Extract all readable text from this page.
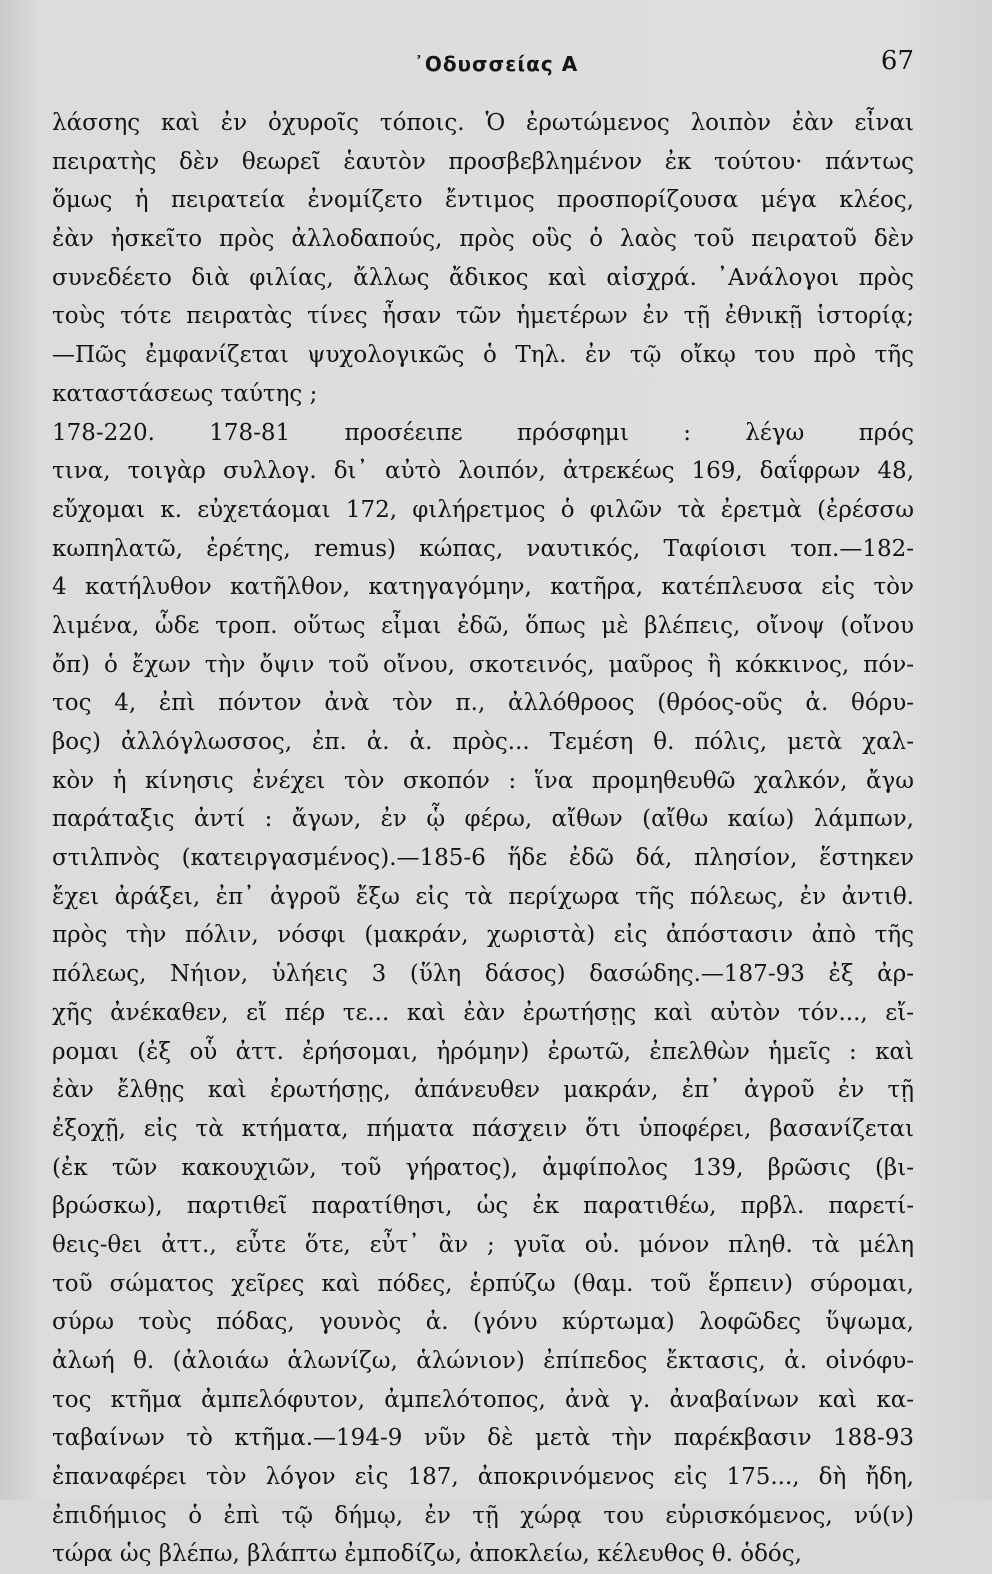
᾿Οδυσσείας Α	67
λάσσης καὶ ἐν ὀχυροῖς τόποις. Ὁ ἐρωτώμενος λοιπὸν ἐὰν εἶναι
πειρατὴς δὲν θεωρεῖ ἑαυτὸν προσβεβλημένον ἐκ τούτου· πάντως
ὅμως ἡ πειρατεία ἐνομίζετο ἔντιμος προσπορίζουσα μέγα κλέος,
ἐὰν ἠσκεῖτο πρὸς ἀλλοδαπούς, πρὸς οὓς ὁ λαὸς τοῦ πειρατοῦ δὲν
συνεδέετο διὰ φιλίας, ἄλλως ἄδικος καὶ αἰσχρά. ᾿Ανάλογοι πρὸς
τοὺς τότε πειρατὰς τίνες ἦσαν τῶν ἡμετέρων ἐν τῇ ἐθνικῇ ἱστορίᾳ;
—Πῶς ἐμφανίζεται ψυχολογικῶς ὁ Τηλ. ἐν τῷ οἴκῳ του πρὸ τῆς
καταστάσεως ταύτης ;
178-220. 178-81 προσέειπε πρόσφημι : λέγω πρός
τινα, τοιγὰρ συλλογ. δι᾿ αὐτὸ λοιπόν, ἀτρεκέως 169, δαΐφρων 48,
εὔχομαι κ. εὐχετάομαι 172, φιλήρετμος ὁ φιλῶν τὰ ἐρετμὰ (ἐρέσσω
κωπηλατῶ, ἐρέτης, remus) κώπας, ναυτικός, Ταφίοισι τοπ.—182-
4 κατήλυθον κατῆλθον, κατηγαγόμην, κατῆρα, κατέπλευσα εἰς τὸν
λιμένα, ὧδε τροπ. οὕτως εἶμαι ἐδῶ, ὅπως μὲ βλέπεις, οἴνοψ (οἴνου
ὄπ) ὁ ἔχων τὴν ὄψιν τοῦ οἴνου, σκοτεινός, μαῦρος ἢ κόκκινος, πόν-
τος 4, ἐπὶ πόντον ἀνὰ τὸν π., ἀλλόθροος (θρόος-οῦς ἀ. θόρυ-
βος) ἀλλόγλωσσος, ἐπ. ἀ. ἀ. πρὸς... Τεμέση θ. πόλις, μετὰ χαλ-
κὸν ἡ κίνησις ἐνέχει τὸν σκοπόν : ἵνα προμηθευθῶ χαλκόν, ἄγω
παράταξις ἀντί : ἄγων, ἐν ᾧ φέρω, αἴθων (αἴθω καίω) λάμπων,
στιλπνὸς (κατειργασμένος).—185-6 ἥδε ἐδῶ δά, πλησίον, ἕστηκεν
ἔχει ἀράξει, ἐπ᾿ ἀγροῦ ἔξω εἰς τὰ περίχωρα τῆς πόλεως, ἐν ἀντιθ.
πρὸς τὴν πόλιν, νόσφι (μακράν, χωριστὰ) εἰς ἀπόστασιν ἀπὸ τῆς
πόλεως, Νήιον, ὑλήεις 3 (ὕλη δάσος) δασώδης.—187-93 ἐξ ἀρ-
χῆς ἀνέκαθεν, εἴ πέρ τε... καὶ ἐὰν ἐρωτήσῃς καὶ αὐτὸν τόν..., εἴ-
ρομαι (ἐξ οὗ ἀττ. ἐρήσομαι, ἠρόμην) ἐρωτῶ, ἐπελθὼν ἡμεῖς : καὶ
ἐὰν ἔλθῃς καὶ ἐρωτήσῃς, ἀπάνευθεν μακράν, ἐπ᾿ ἀγροῦ ἐν τῇ
ἐξοχῇ, εἰς τὰ κτήματα, πήματα πάσχειν ὅτι ὑποφέρει, βασανίζεται
(ἐκ τῶν κακουχιῶν, τοῦ γήρατος), ἀμφίπολος 139, βρῶσις (βι-
βρώσκω), παρτιθεῖ παρατίθησι, ὡς ἐκ παρατιθέω, πρβλ. παρετί-
θεις-θει ἀττ., εὖτε ὅτε, εὖτ᾿ ἂν ; γυῖα οὐ. μόνον πληθ. τὰ μέλη
τοῦ σώματος χεῖρες καὶ πόδες, ἑρπύζω (θαμ. τοῦ ἕρπειν) σύρομαι,
σύρω τοὺς πόδας, γουνὸς ἀ. (γόνυ κύρτωμα) λοφῶδες ὕψωμα,
ἀλωή θ. (ἀλοιάω ἁλωνίζω, ἁλώνιον) ἐπίπεδος ἔκτασις, ἀ. οἰνόφυ-
τος κτῆμα ἀμπελόφυτον, ἀμπελότοπος, ἀνὰ γ. ἀναβαίνων καὶ κα-
ταβαίνων τὸ κτῆμα.—194-9 νῦν δὲ μετὰ τὴν παρέκβασιν 188-93
ἐπαναφέρει τὸν λόγον εἰς 187, ἀποκρινόμενος εἰς 175..., δὴ ἤδη,
ἐπιδήμιος ὁ ἐπὶ τῷ δήμῳ, ἐν τῇ χώρᾳ του εὑρισκόμενος, νύ(ν)
τώρα ὡς βλέπω, βλάπτω ἐμποδίζω, ἀποκλείω, κέλευθος θ. ὁδός,
